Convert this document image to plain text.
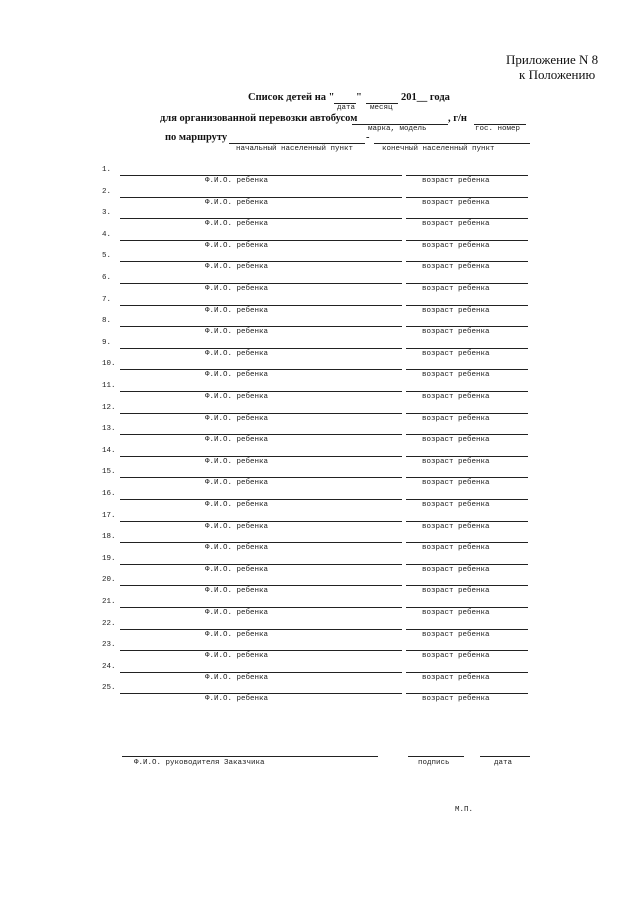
Приложение N 8
к Положению
Список детей на " "	201__ года
дата месяц
для организованной перевозки автобусом	, г/н
марка, модель	гос. номер
по маршруту	-
начальный населенный пункт	конечный населенный пункт
1.
Ф.И.О. ребенка	возраст ребенка
2.
Ф.И.О. ребенка	возраст ребенка
3.
Ф.И.О. ребенка	возраст ребенка
4.
Ф.И.О. ребенка	возраст ребенка
5.
Ф.И.О. ребенка	возраст ребенка
6.
Ф.И.О. ребенка	возраст ребенка
7.
Ф.И.О. ребенка	возраст ребенка
8.
Ф.И.О. ребенка	возраст ребенка
9.
Ф.И.О. ребенка	возраст ребенка
10.
Ф.И.О. ребенка	возраст ребенка
11.
Ф.И.О. ребенка	возраст ребенка
12.
Ф.И.О. ребенка	возраст ребенка
13.
Ф.И.О. ребенка	возраст ребенка
14.
Ф.И.О. ребенка	возраст ребенка
15.
Ф.И.О. ребенка	возраст ребенка
16.
Ф.И.О. ребенка	возраст ребенка
17.
Ф.И.О. ребенка	возраст ребенка
18.
Ф.И.О. ребенка	возраст ребенка
19.
Ф.И.О. ребенка	возраст ребенка
20.
Ф.И.О. ребенка	возраст ребенка
21.
Ф.И.О. ребенка	возраст ребенка
22.
Ф.И.О. ребенка	возраст ребенка
23.
Ф.И.О. ребенка	возраст ребенка
24.
Ф.И.О. ребенка	возраст ребенка
25.
Ф.И.О. ребенка	возраст ребенка
Ф.И.О. руководителя Заказчика	подпись	дата
М.П.
